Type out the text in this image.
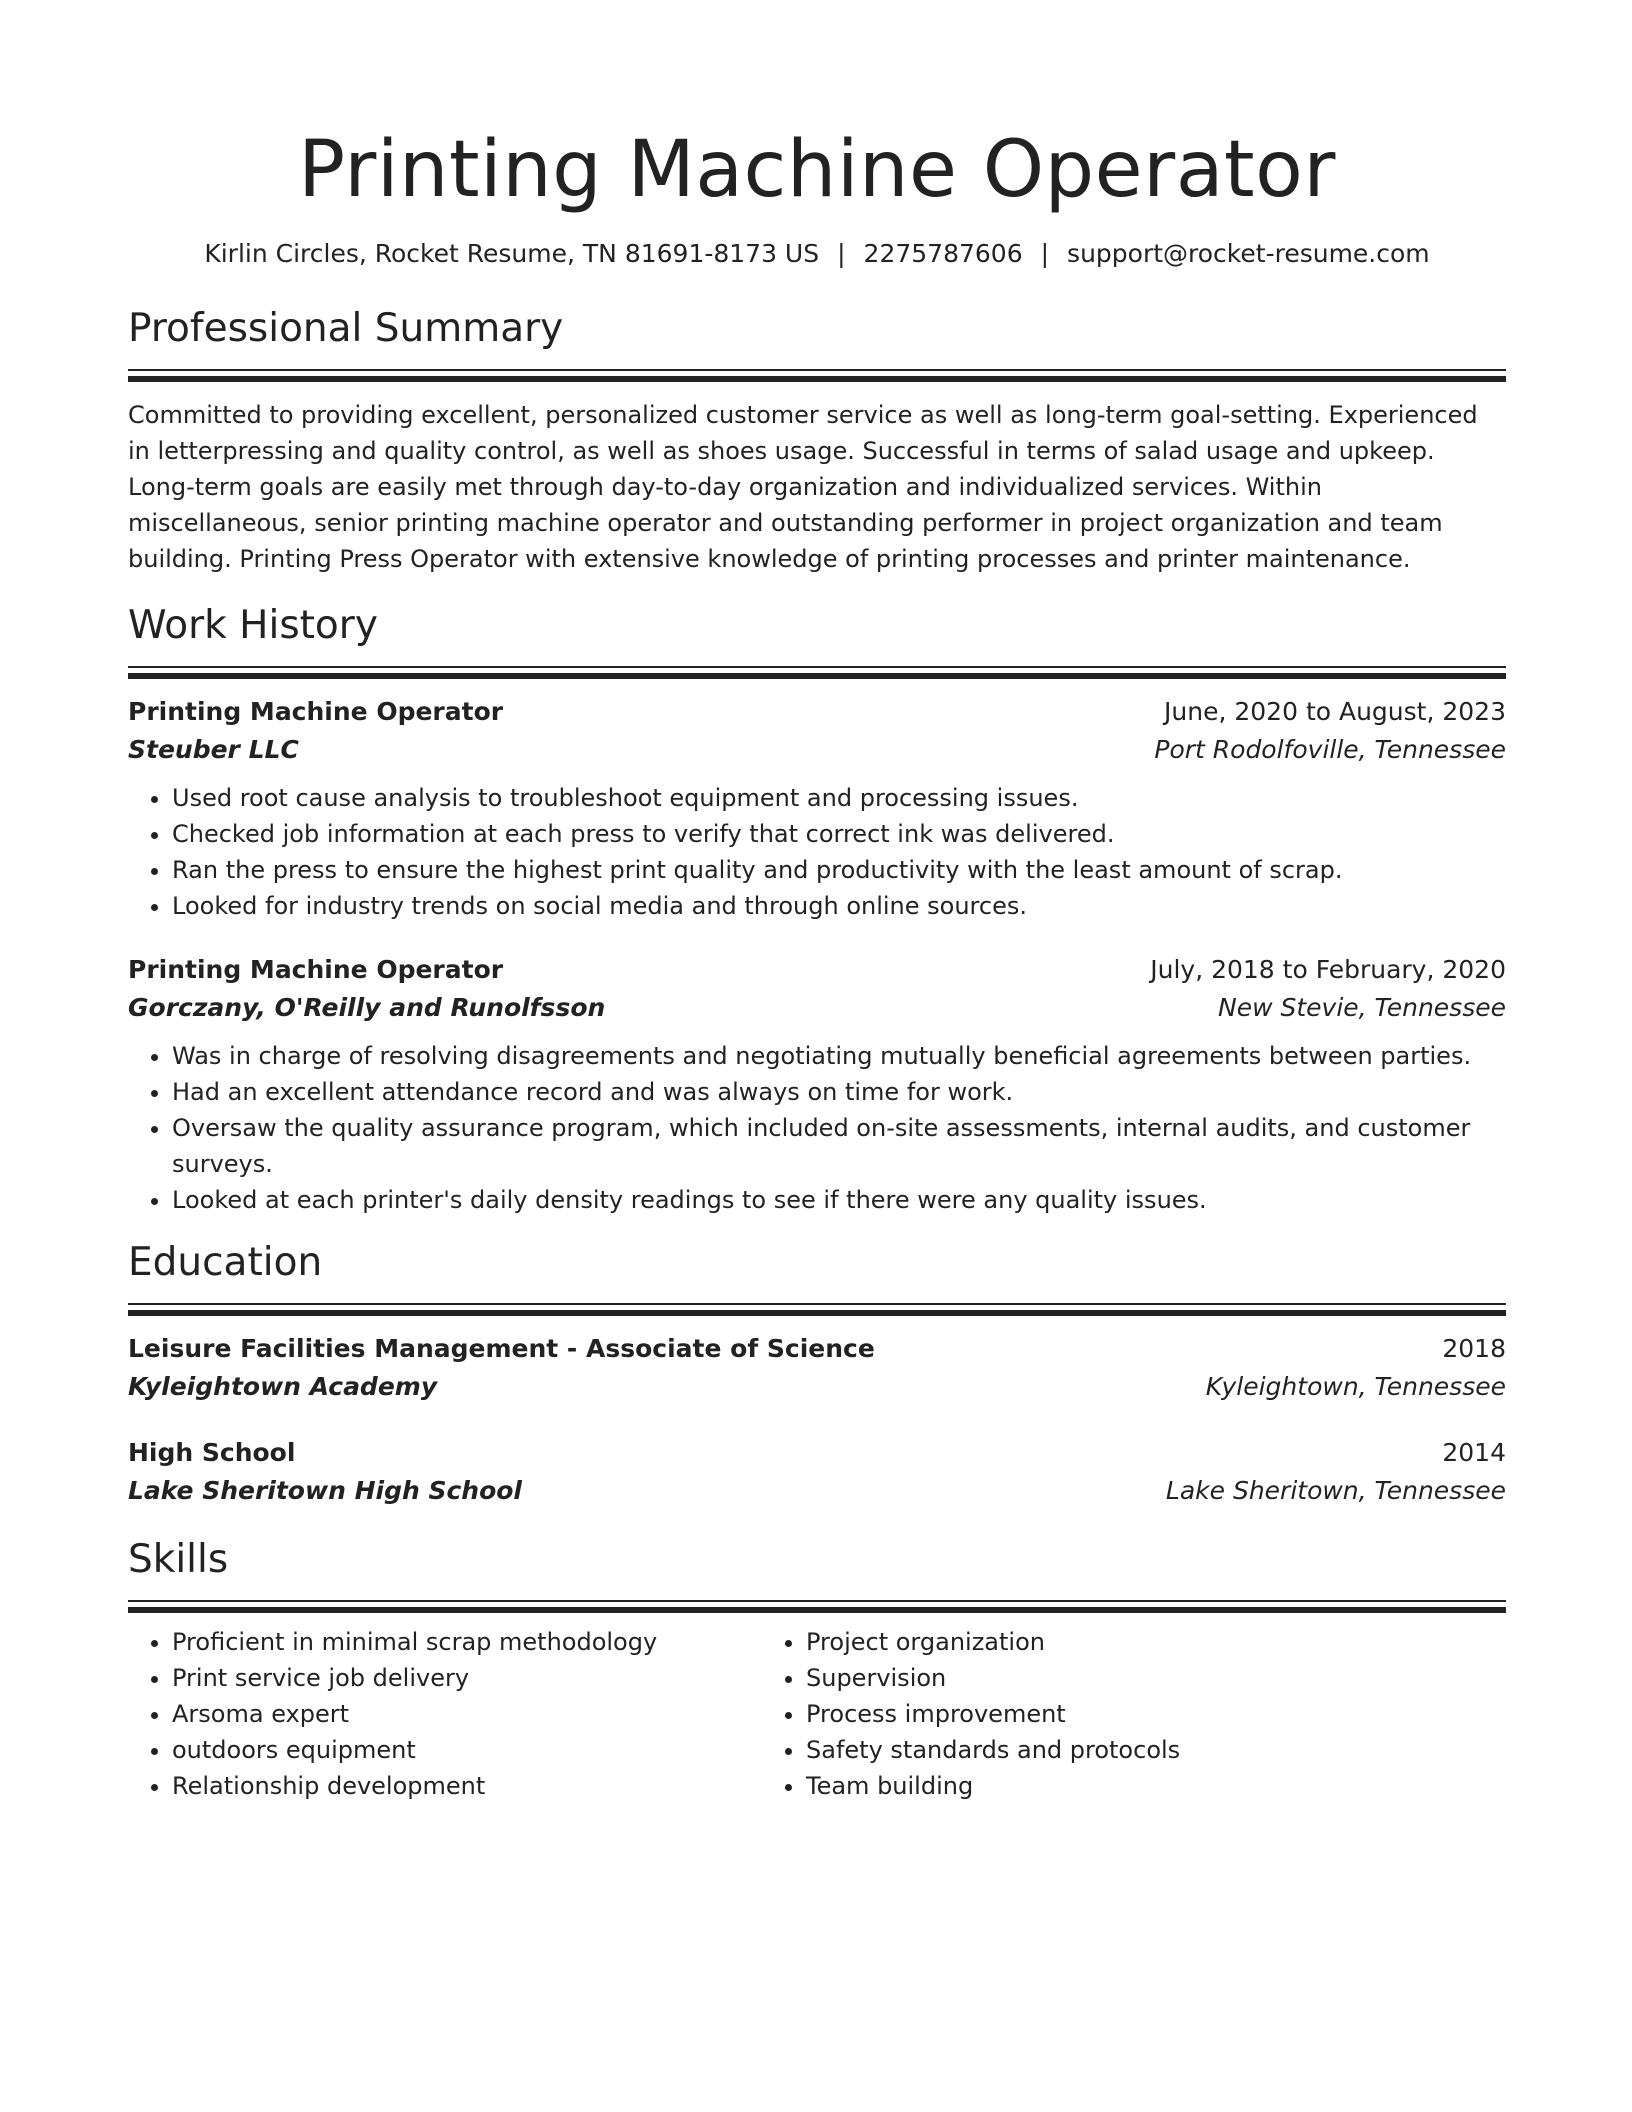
Printing Machine Operator
Kirlin Circles, Rocket Resume, TN 81691-8173 US | 2275787606 | support@rocket-resume.com
Professional Summary
Committed to providing excellent, personalized customer service as well as long-term goal-setting. Experienced in letterpressing and quality control, as well as shoes usage. Successful in terms of salad usage and upkeep. Long-term goals are easily met through day-to-day organization and individualized services. Within miscellaneous, senior printing machine operator and outstanding performer in project organization and team building. Printing Press Operator with extensive knowledge of printing processes and printer maintenance.
Work History
Printing Machine Operator	June, 2020 to August, 2023
Steuber LLC	Port Rodolfoville, Tennessee
• Used root cause analysis to troubleshoot equipment and processing issues.
• Checked job information at each press to verify that correct ink was delivered.
• Ran the press to ensure the highest print quality and productivity with the least amount of scrap.
• Looked for industry trends on social media and through online sources.
Printing Machine Operator	July, 2018 to February, 2020
Gorczany, O'Reilly and Runolfsson	New Stevie, Tennessee
• Was in charge of resolving disagreements and negotiating mutually beneficial agreements between parties.
• Had an excellent attendance record and was always on time for work.
• Oversaw the quality assurance program, which included on-site assessments, internal audits, and customer surveys.
• Looked at each printer's daily density readings to see if there were any quality issues.
Education
Leisure Facilities Management - Associate of Science	2018
Kyleightown Academy	Kyleightown, Tennessee
High School	2014
Lake Sheritown High School	Lake Sheritown, Tennessee
Skills
• Proficient in minimal scrap methodology
• Print service job delivery
• Arsoma expert
• outdoors equipment
• Relationship development
• Project organization
• Supervision
• Process improvement
• Safety standards and protocols
• Team building
